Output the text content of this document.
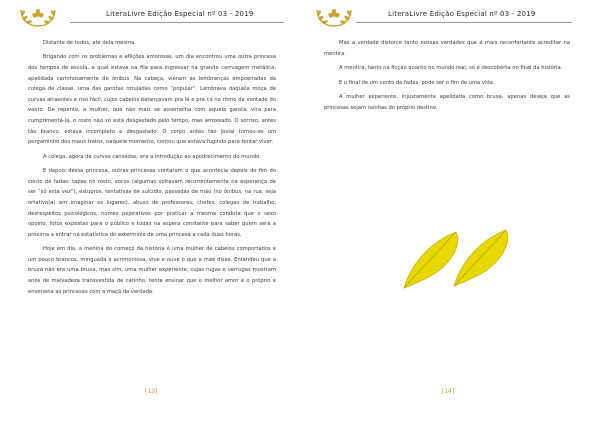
LiteraLivre Edição Especial nº 03 - 2019

Distante de todos, até dela mesma.

Brigando com os problemas e aflições amorosas, um dia encontrou uma outra princesa dos tempos de escola, a qual estava na fila para ingressar na grande carruagem metálica, apelidada carinhosamente de ônibus. Na cabeça, vieram as lembranças empoeiradas da colega de classe, uma das garotas rotuladas como “popular”. Lembrava daquela moça de curvas atraentes e riso fácil, cujos cabelos balançavam pra lá e pra cá no ritmo da vontade do vento. De repente, a mulher, que não mais se assemelha com aquela garota, vira para cumprimentá-la, o rosto não só está desgastado pelo tempo, mas arroxeado. O sorriso, antes tão branco, estava incompleto e desgastado. O corpo antes tão jovial tornou-se um pergaminho dos maus tratos, naquele momento, contou que estava fugindo para tentar viver.

A colega, agora de curvas cansadas, era a introdução ao apodrecimento do mundo.

E depois dessa princesa, outras princesas contaram o que acontecia depois do fim do conto de fadas: tapas no rosto, socos (algumas voltavam recorrentemente na esperança de ser “só esta vez”), estupros, tentativas de suicídio, passadas de mão (no ônibus, na rua, seja ortativo(a) em imaginar os lugares), abuso de professores, chefes, colegas de trabalho, desrespeitos psicológicos, nomes pejorativos por praticar a mesma conduta que o sexo oposto, fotos expostas para o público e todas na espera constante para saber quem será a próxima a entrar na estatística do extermínio de uma princesa a cada duas horas.

Hoje em dia, a menina do começo da história é uma mulher de cabelos comportados e um pouco brancos, minguada e acrimoniosa, vive e ouve o que a mãe disse. Entendeu que a bruxa não era uma bruxa, mas sim, uma mulher experiente, cujas rugas e verrugas mostram anos de malvadeza transvestida de carinho, tenta ensinar que o melhor amor é o próprio e envenena as princesas com a maçã da verdade.

[13]
LiteraLivre Edição Especial nº 03 - 2019

Mas a verdade distorce tanto nossas verdades que é mais reconfortante acreditar na mentira.

A mentira, tanto na ficção quanto no mundo real, só é descoberta no final da história.

E o final de um conto de fadas, pode ser o fim de uma vida.

A mulher experiente, injustamente apelidada como bruxa, apenas deseja que as princesas sejam rainhas do próprio destino.

[14]
